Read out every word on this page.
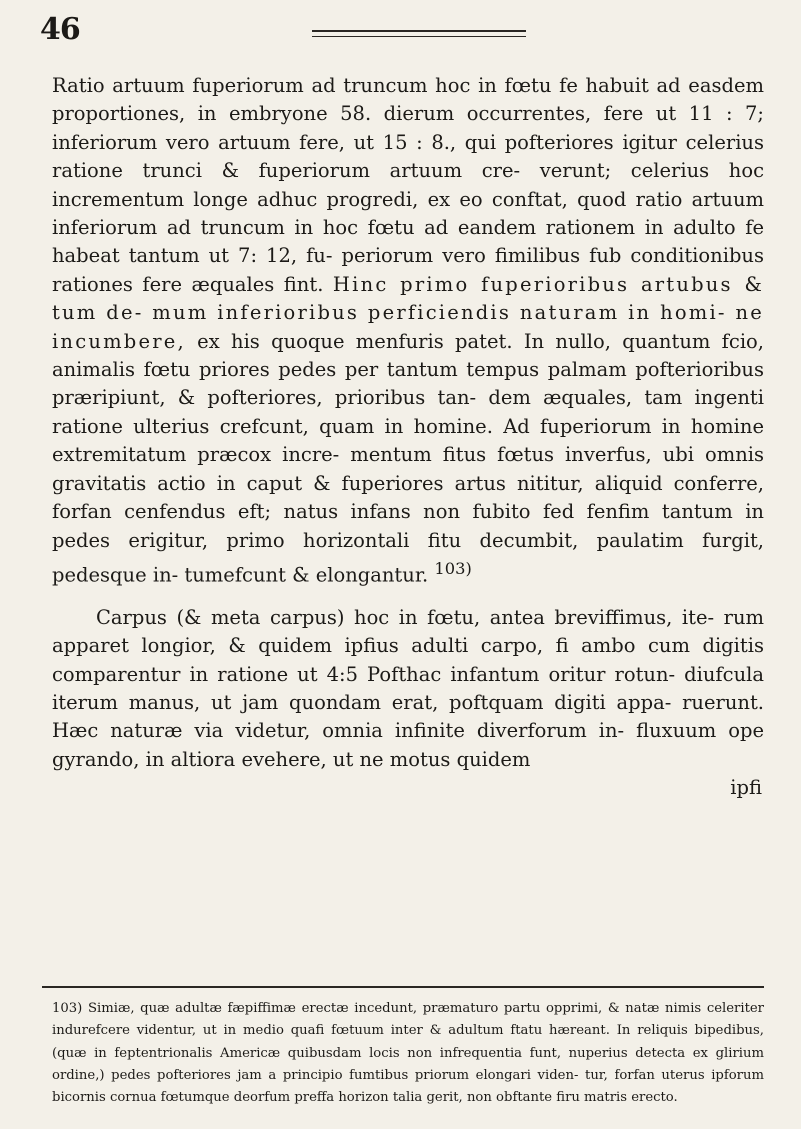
46

Ratio artuum fuperiorum ad truncum hoc in fœtu fe habuit ad easdem proportiones, in embryone 58. dierum occurrentes, fere ut 11 : 7; inferiorum vero artuum fere, ut 15 : 8., qui pofteriores igitur celerius ratione trunci & fuperiorum artuum cre- verunt; celerius hoc incrementum longe adhuc progredi, ex eo conftat, quod ratio artuum inferiorum ad truncum in hoc fœtu ad eandem rationem in adulto fe habeat tantum ut 7: 12, fu- periorum vero fimilibus fub conditionibus rationes fere æquales fint. Hinc primo fuperioribus artubus & tum de- mum inferioribus perficiendis naturam in homi- ne incumbere, ex his quoque menfuris patet. In nullo, quantum fcio, animalis fœtu priores pedes per tantum tempus palmam pofterioribus præripiunt, & pofteriores, prioribus tan- dem æquales, tam ingenti ratione ulterius crefcunt, quam in homine. Ad fuperiorum in homine extremitatum præcox incre- mentum fitus fœtus inverfus, ubi omnis gravitatis actio in caput & fuperiores artus nititur, aliquid conferre, forfan cenfendus eft; natus infans non fubito fed fenfim tantum in pedes erigitur, primo horizontali fitu decumbit, paulatim furgit, pedesque in- tumefcunt & elongantur. $^{103)}$

Carpus (& meta carpus) hoc in fœtu, antea breviffimus, ite- rum apparet longior, & quidem ipfius adulti carpo, fi ambo cum digitis comparentur in ratione ut 4:5 Pofthac infantum oritur rotun- diufcula iterum manus, ut jam quondam erat, poftquam digiti appa- ruerunt. Hæc naturæ via videtur, omnia infinite diverforum in- fluxuum ope gyrando, in altiora evehere, ut ne motus quidem

ipfi

103) Simiæ, quæ adultæ fæpiffimæ erectæ incedunt, præmaturo partu opprimi, & natæ nimis celeriter indurefcere videntur, ut in medio quafi fœtuum inter & adultum ftatu hæreant. In reliquis bipedibus, (quæ in feptentrionalis Americæ quibusdam locis non infrequentia funt, nuperius detecta ex glirium ordine,) pedes pofteriores jam a principio fumtibus priorum elongari viden- tur, forfan uterus ipforum bicornis cornua fœtumque deorfum preffa horizon talia gerit, non obftante firu matris erecto.
